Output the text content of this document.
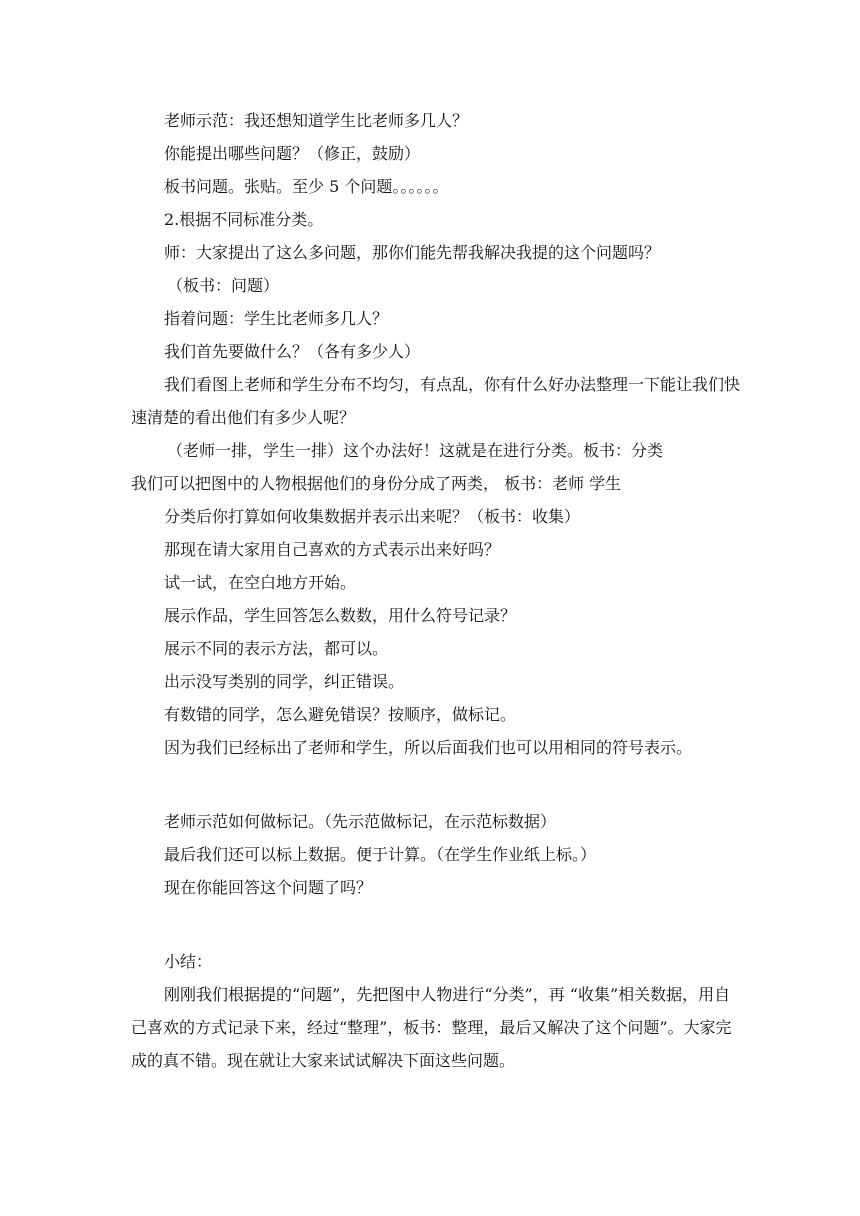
老师示范：我还想知道学生比老师多几人？

你能提出哪些问题？（修正，鼓励）

板书问题。张贴。至少 5 个问题。。。。。。

2.根据不同标准分类。

师：大家提出了这么多问题，那你们能先帮我解决我提的这个问题吗？

（板书：问题）

指着问题：学生比老师多几人？

我们首先要做什么？（各有多少人）

我们看图上老师和学生分布不均匀，有点乱，你有什么好办法整理一下能让我们快速清楚的看出他们有多少人呢？

（老师一排，学生一排）这个办法好！这就是在进行分类。板书：分类

我们可以把图中的人物根据他们的身份分成了两类， 板书：老师 学生

分类后你打算如何收集数据并表示出来呢？（板书：收集）

那现在请大家用自己喜欢的方式表示出来好吗？

试一试，在空白地方开始。

展示作品，学生回答怎么数数，用什么符号记录？

展示不同的表示方法，都可以。

出示没写类别的同学，纠正错误。

有数错的同学，怎么避免错误？按顺序，做标记。

因为我们已经标出了老师和学生，所以后面我们也可以用相同的符号表示。

老师示范如何做标记。（先示范做标记，在示范标数据）

最后我们还可以标上数据。便于计算。（在学生作业纸上标。）

现在你能回答这个问题了吗？

小结：

刚刚我们根据提的“问题”，先把图中人物进行“分类”，再 “收集”相关数据，用自己喜欢的方式记录下来，经过“整理”，板书：整理，最后又解决了这个问题”。大家完成的真不错。现在就让大家来试试解决下面这些问题。
